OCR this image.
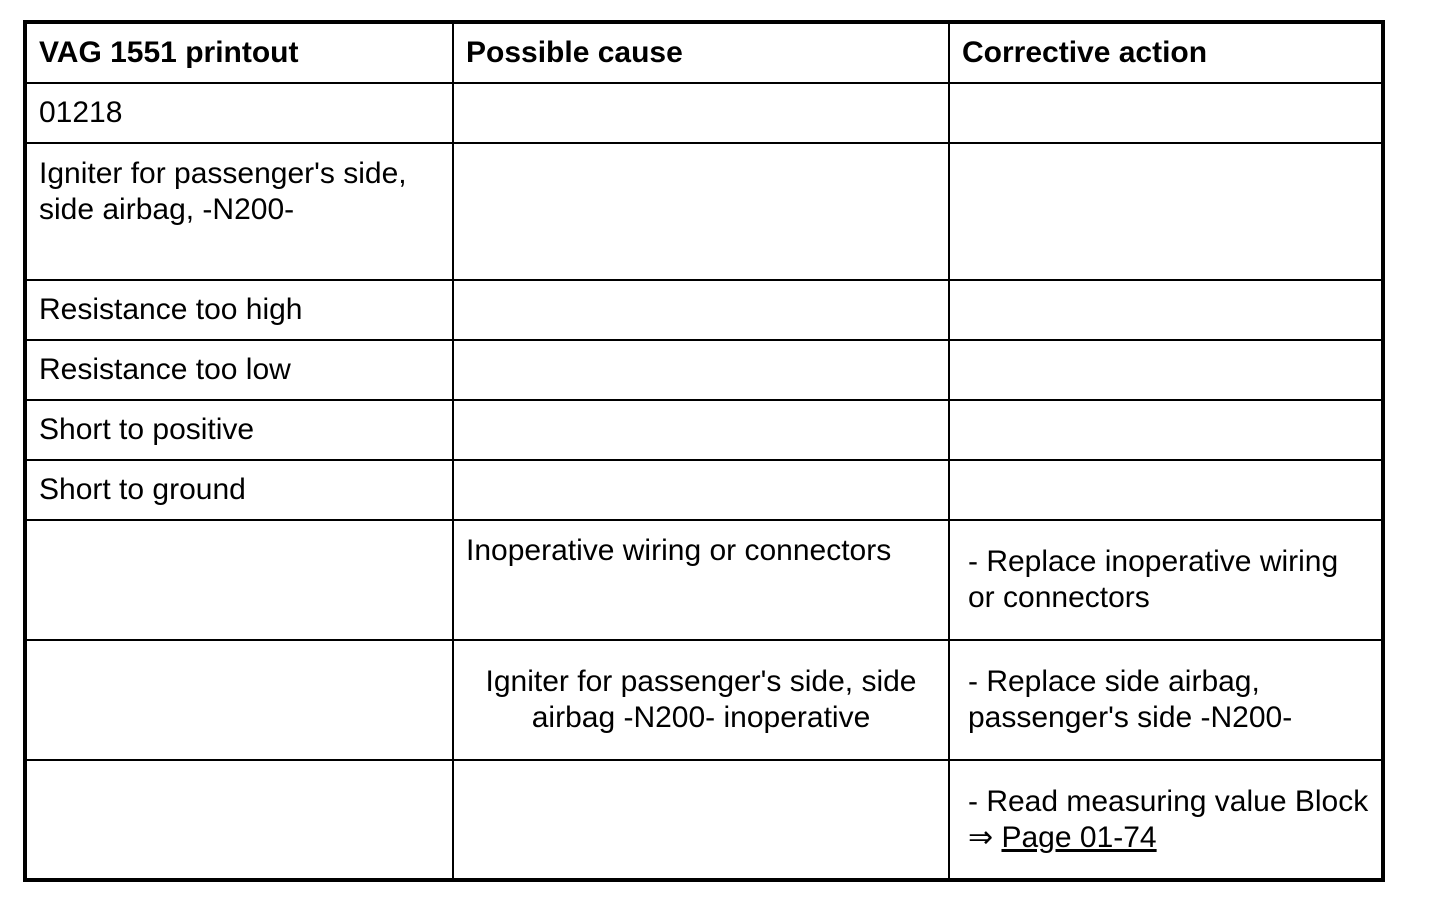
VAG 1551 printout	Possible cause	Corrective action
01218		
Igniter for passenger's side, side airbag, -N200-		
Resistance too high		
Resistance too low		
Short to positive		
Short to ground		
	Inoperative wiring or connectors	- Replace inoperative wiring or connectors
	Igniter for passenger's side, side airbag -N200- inoperative	- Replace side airbag, passenger's side -N200-
		- Read measuring value Block ⇒ Page 01-74
